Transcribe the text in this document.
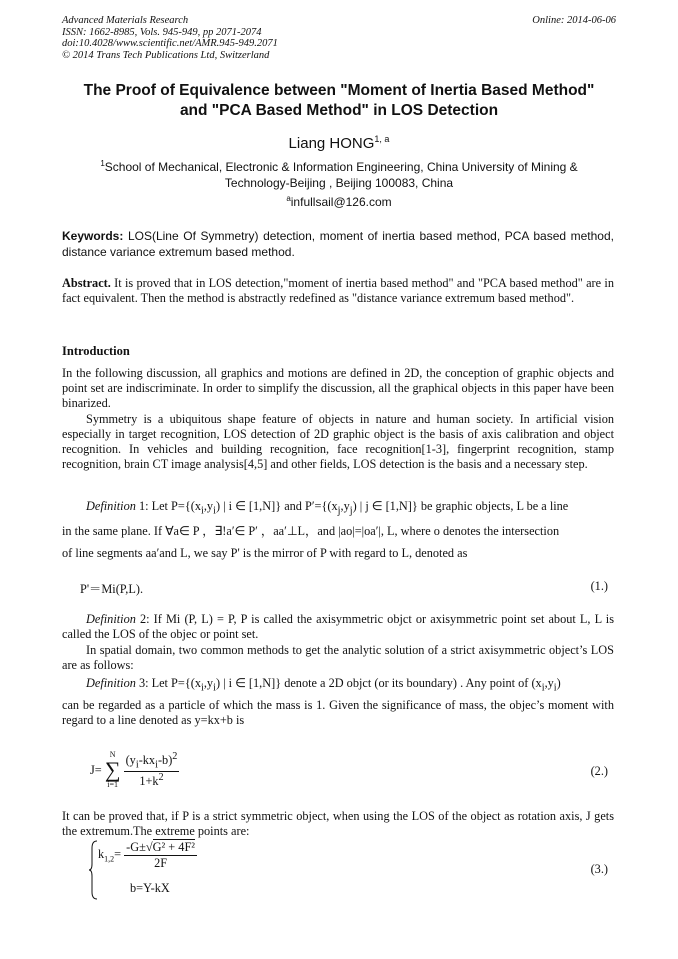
Advanced Materials Research
ISSN: 1662-8985, Vols. 945-949, pp 2071-2074
doi:10.4028/www.scientific.net/AMR.945-949.2071
© 2014 Trans Tech Publications Ltd, Switzerland
Online: 2014-06-06
The Proof of Equivalence between "Moment of Inertia Based Method"
and "PCA Based Method" in LOS Detection
Liang HONG$^{1, a}$
$^1$School of Mechanical, Electronic & Information Engineering, China University of Mining & Technology-Beijing , Beijing 100083, China
$^a$infullsail@126.com
Keywords: LOS(Line Of Symmetry) detection, moment of inertia based method, PCA based method, distance variance extremum based method.
Abstract. It is proved that in LOS detection,"moment of inertia based method" and "PCA based method" are in fact equivalent. Then the method is abstractly redefined as "distance variance extremum based method".
Introduction
In the following discussion, all graphics and motions are defined in 2D, the conception of graphic objects and point set are indiscriminate. In order to simplify the discussion, all the graphical objects in this paper have been binarized.
Symmetry is a ubiquitous shape feature of objects in nature and human society. In artificial vision especially in target recognition, LOS detection of 2D graphic object is the basis of axis calibration and object recognition. In vehicles and building recognition, face recognition[1-3], fingerprint recognition, stamp recognition, brain CT image analysis[4,5] and other fields, LOS detection is the basis and a necessary step.
Definition 1: Let $P=\{(x_i,y_i)$ | i ∈ [1,N]} and $P'=\{(x_j,y_j)$ | j ∈ [1,N]} be graphic objects, L be a line
in the same plane. If ∀a∈ P ，∃!a′∈ P′ ，aa′⊥L，and |ao|=|oa′|, L, where o denotes the intersection
of line segments aa′and L, we say P' is the mirror of P with regard to L, denoted as
P'＝Mi(P,L).	(1.)
Definition 2: If Mi (P, L) = P, P is called the axisymmetric objct or axisymmetric point set about L, L is called the LOS of the objec or point set.
In spatial domain, two common methods to get the analytic solution of a strict axisymmetric object’s LOS are as follows:
Definition 3: Let $P=\{(x_i,y_i)$ | i ∈ [1,N]} denote a 2D objct (or its boundary) . Any point of $(x_i,y_i)$
can be regarded as a particle of which the mass is 1. Given the significance of mass, the objec’s moment with regard to a line denoted as y=kx+b is
J=
N
∑
i=1
$\frac{(y_i-kx_i-b)^2}{1+k^2}$	(2.)
It can be proved that, if P is a strict symmetric object, when using the LOS of the object as rotation axis, J gets the extremum.The extreme points are:
$k_{1,2}= \frac{\text{-G±√G² + 4F²}}{2F}$
b=Y-kX
(3.)
